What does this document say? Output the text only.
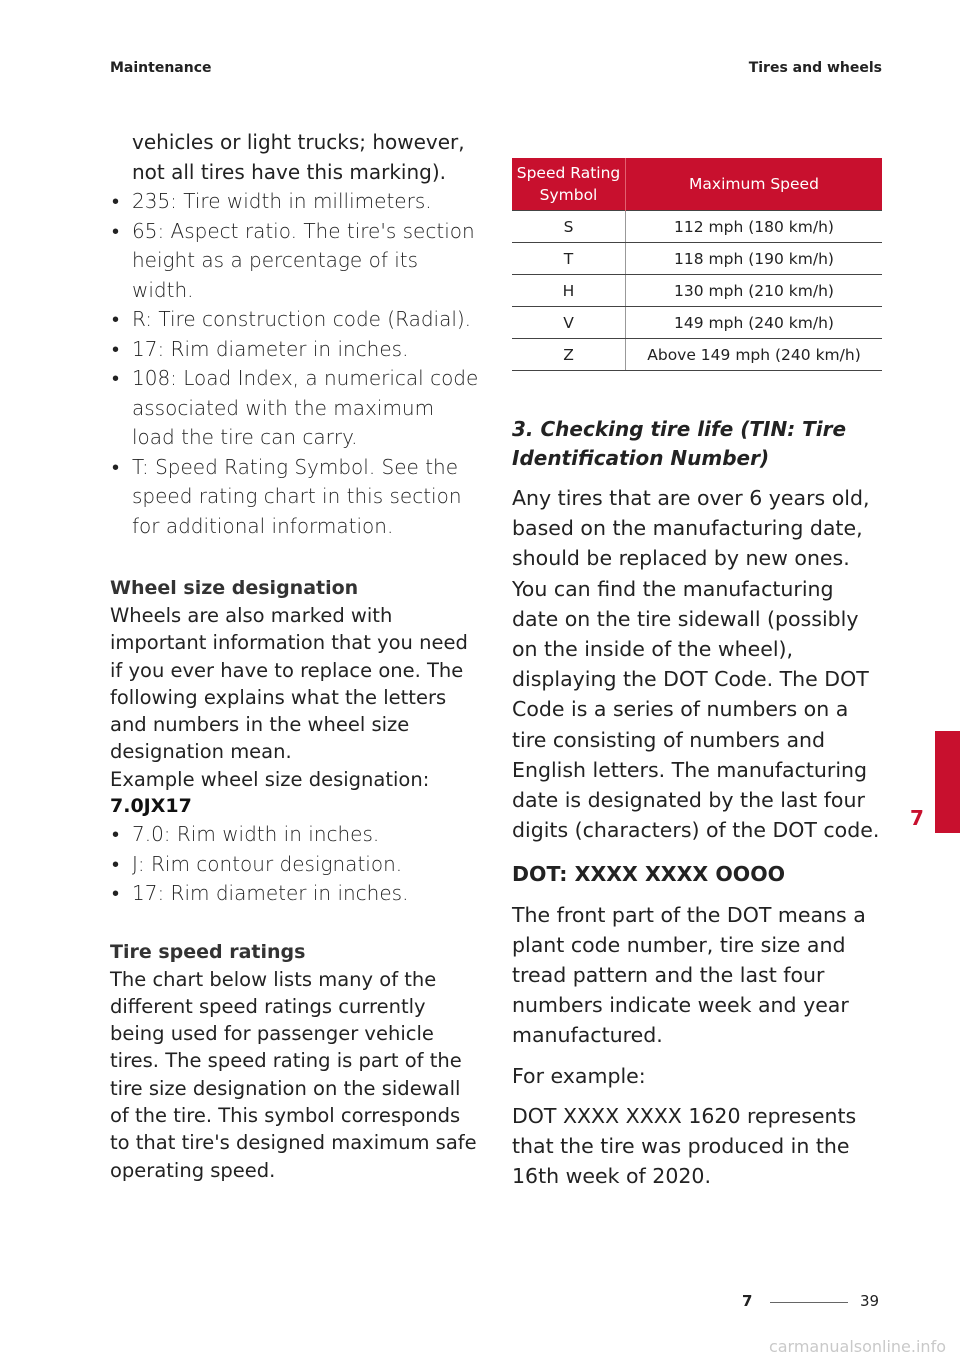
Maintenance	Tires and wheels
vehicles or light trucks; however,
not all tires have this marking).
• 235: Tire width in millimeters.
• 65: Aspect ratio. The tire's section height as a percentage of its width.
• R: Tire construction code (Radial).
• 17: Rim diameter in inches.
• 108: Load Index, a numerical code associated with the maximum load the tire can carry.
• T: Speed Rating Symbol. See the speed rating chart in this section for additional information.
Wheel size designation
Wheels are also marked with important information that you need if you ever have to replace one. The following explains what the letters and numbers in the wheel size designation mean.
Example wheel size designation:
7.0JX17
• 7.0: Rim width in inches.
• J: Rim contour designation.
• 17: Rim diameter in inches.
Tire speed ratings
The chart below lists many of the different speed ratings currently being used for passenger vehicle tires. The speed rating is part of the tire size designation on the sidewall of the tire. This symbol corresponds to that tire's designed maximum safe operating speed.
Speed Rating Symbol	Maximum Speed
S	112 mph (180 km/h)
T	118 mph (190 km/h)
H	130 mph (210 km/h)
V	149 mph (240 km/h)
Z	Above 149 mph (240 km/h)
3. Checking tire life (TIN: Tire Identification Number)
Any tires that are over 6 years old, based on the manufacturing date, should be replaced by new ones. You can find the manufacturing date on the tire sidewall (possibly on the inside of the wheel), displaying the DOT Code. The DOT Code is a series of numbers on a tire consisting of numbers and English letters. The manufacturing date is designated by the last four digits (characters) of the DOT code.
DOT: XXXX XXXX OOOO
The front part of the DOT means a plant code number, tire size and tread pattern and the last four numbers indicate week and year manufactured.
For example:
DOT XXXX XXXX 1620 represents that the tire was produced in the 16th week of 2020.
7
7	39
carmanualsonline.info
